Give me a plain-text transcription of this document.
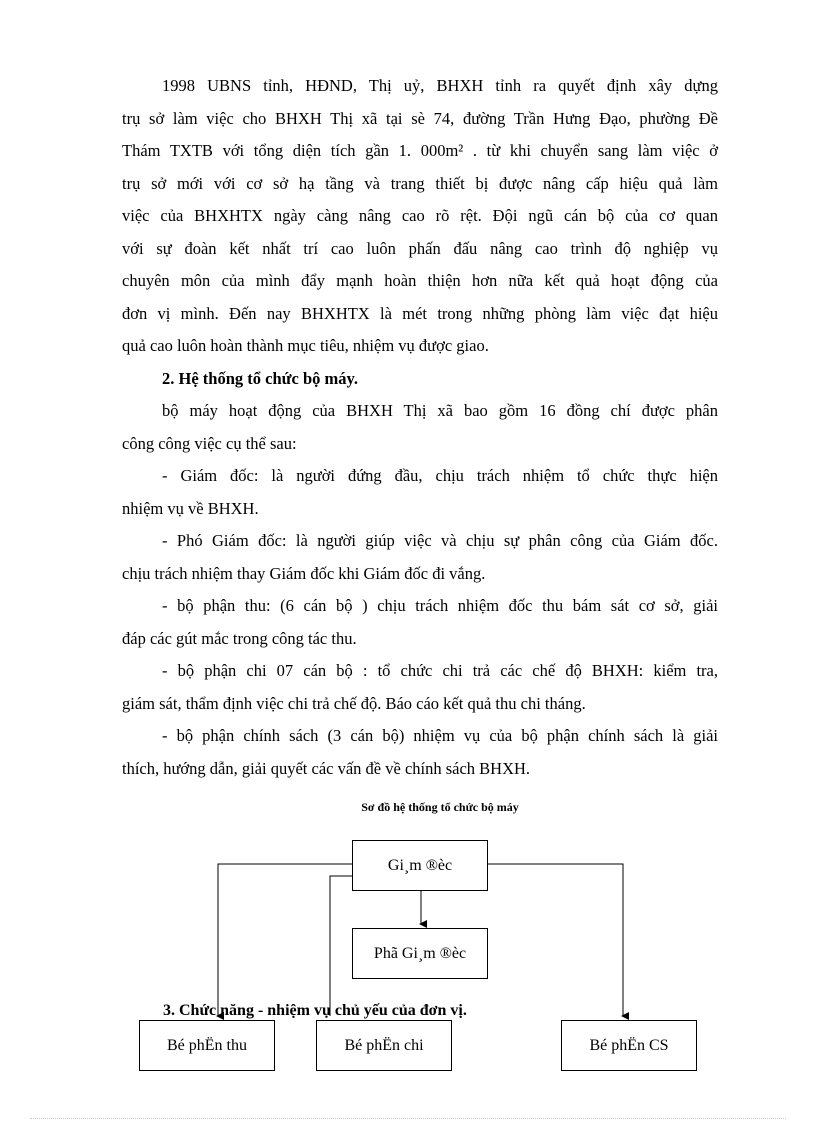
1998 UBNS tỉnh, HĐND, Thị uỷ, BHXH tỉnh ra quyết định xây dựng

trụ sở làm việc cho BHXH Thị xã tại sè 74, đường Trần Hưng Đạo, phường Đề
Thám TXTB với tổng diện tích gần 1. 000m² . từ khi chuyển sang làm việc ở
trụ sở mới với cơ sở hạ tầng và trang thiết bị được nâng cấp hiệu quả làm
việc của BHXHTX ngày càng nâng cao rõ rệt. Đội ngũ cán bộ của cơ quan
với sự đoàn kết nhất trí cao luôn phấn đấu nâng cao trình độ nghiệp vụ
chuyên môn của mình đẩy mạnh hoàn thiện hơn nữa kết quả hoạt động của
đơn vị mình. Đến nay BHXHTX là mét trong những phòng làm việc đạt hiệu
quả cao luôn hoàn thành mục tiêu, nhiệm vụ được giao.

2. Hệ thống tổ chức bộ máy.

bộ máy hoạt động của BHXH Thị xã bao gồm 16 đồng chí được phân

công công việc cụ thể sau:

- Giám đốc: là người đứng đầu, chịu trách nhiệm tổ chức thực hiện

nhiệm vụ về BHXH.

- Phó Giám đốc: là người giúp việc và chịu sự phân công của Giám đốc.

chịu trách nhiệm thay Giám đốc khi Giám đốc đi vắng.

- bộ phận thu: (6 cán bộ ) chịu trách nhiệm đốc thu bám sát cơ sở, giải

đáp các gút mắc trong công tác thu.

- bộ phận chi 07 cán bộ : tổ chức chi trả các chế độ BHXH: kiểm tra,

giám sát, thẩm định việc chi trả chế độ. Báo cáo kết quả thu chi tháng.

- bộ phận chính sách (3 cán bộ) nhiệm vụ của bộ phận chính sách là giải

thích, hướng dẫn, giải quyết các vấn đề về chính sách BHXH.
Sơ đồ hệ thống tổ chức bộ máy
Gi¸m ®èc
Phã Gi¸m ®èc
3. Chức năng - nhiệm vụ chủ yếu của đơn vị.
Bé phËn thu	Bé phËn chi	Bé phËn CS
